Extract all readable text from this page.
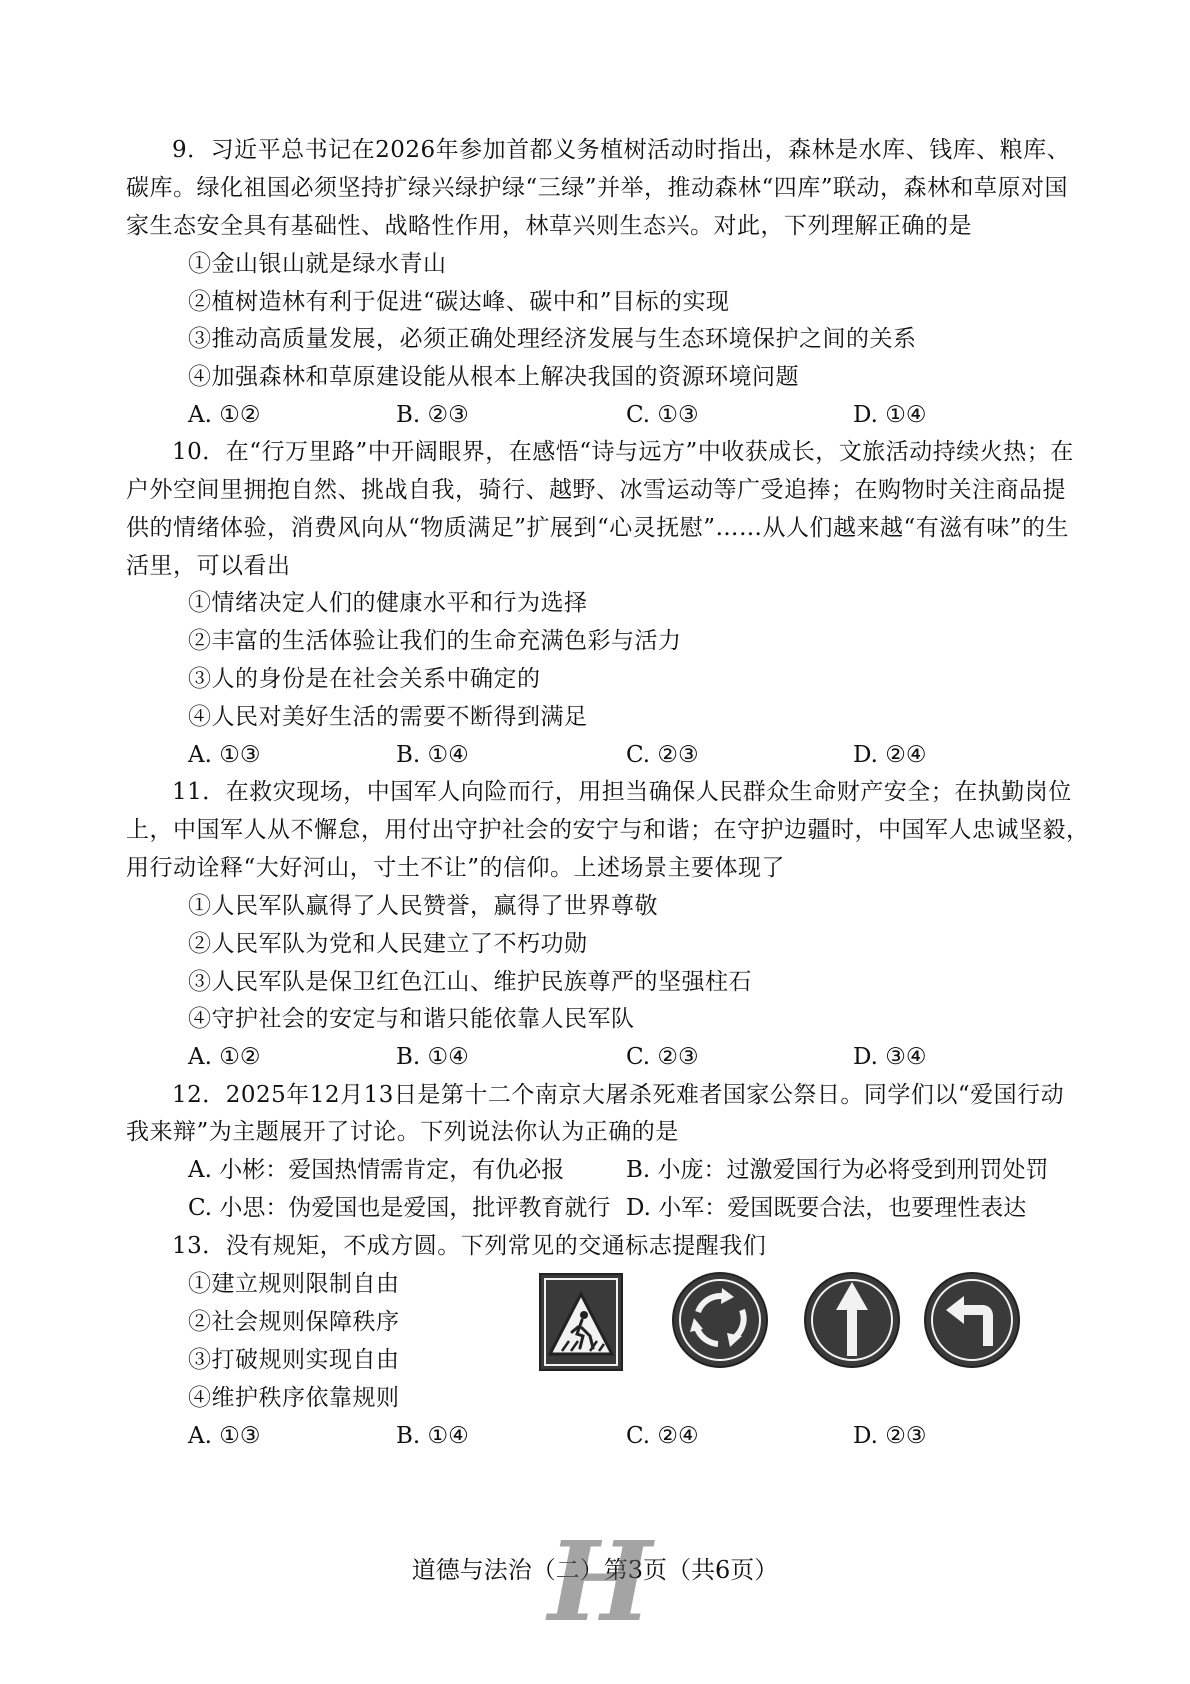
9．习近平总书记在2026年参加首都义务植树活动时指出，森林是水库、钱库、粮库、
碳库。绿化祖国必须坚持扩绿兴绿护绿“三绿”并举，推动森林“四库”联动，森林和草原对国
家生态安全具有基础性、战略性作用，林草兴则生态兴。对此，下列理解正确的是
①金山银山就是绿水青山
②植树造林有利于促进“碳达峰、碳中和”目标的实现
③推动高质量发展，必须正确处理经济发展与生态环境保护之间的关系
④加强森林和草原建设能从根本上解决我国的资源环境问题
A. ①②	B. ②③	C. ①③	D. ①④
10．在“行万里路”中开阔眼界，在感悟“诗与远方”中收获成长，文旅活动持续火热；在
户外空间里拥抱自然、挑战自我，骑行、越野、冰雪运动等广受追捧；在购物时关注商品提
供的情绪体验，消费风向从“物质满足”扩展到“心灵抚慰”……从人们越来越“有滋有味”的生
活里，可以看出
①情绪决定人们的健康水平和行为选择
②丰富的生活体验让我们的生命充满色彩与活力
③人的身份是在社会关系中确定的
④人民对美好生活的需要不断得到满足
A. ①③	B. ①④	C. ②③	D. ②④
11．在救灾现场，中国军人向险而行，用担当确保人民群众生命财产安全；在执勤岗位
上，中国军人从不懈怠，用付出守护社会的安宁与和谐；在守护边疆时，中国军人忠诚坚毅，
用行动诠释“大好河山，寸土不让”的信仰。上述场景主要体现了
①人民军队赢得了人民赞誉，赢得了世界尊敬
②人民军队为党和人民建立了不朽功勋
③人民军队是保卫红色江山、维护民族尊严的坚强柱石
④守护社会的安定与和谐只能依靠人民军队
A. ①②	B. ①④	C. ②③	D. ③④
12．2025年12月13日是第十二个南京大屠杀死难者国家公祭日。同学们以“爱国行动
我来辩”为主题展开了讨论。下列说法你认为正确的是
A. 小彬：爱国热情需肯定，有仇必报	B. 小庞：过激爱国行为必将受到刑罚处罚
C. 小思：伪爱国也是爱国，批评教育就行 D. 小军：爱国既要合法，也要理性表达
13．没有规矩，不成方圆。下列常见的交通标志提醒我们
①建立规则限制自由
②社会规则保障秩序
③打破规则实现自由
④维护秩序依靠规则
A. ①③	B. ①④	C. ②④	D. ②③
道德与法治（二）第3页（共6页）
H
